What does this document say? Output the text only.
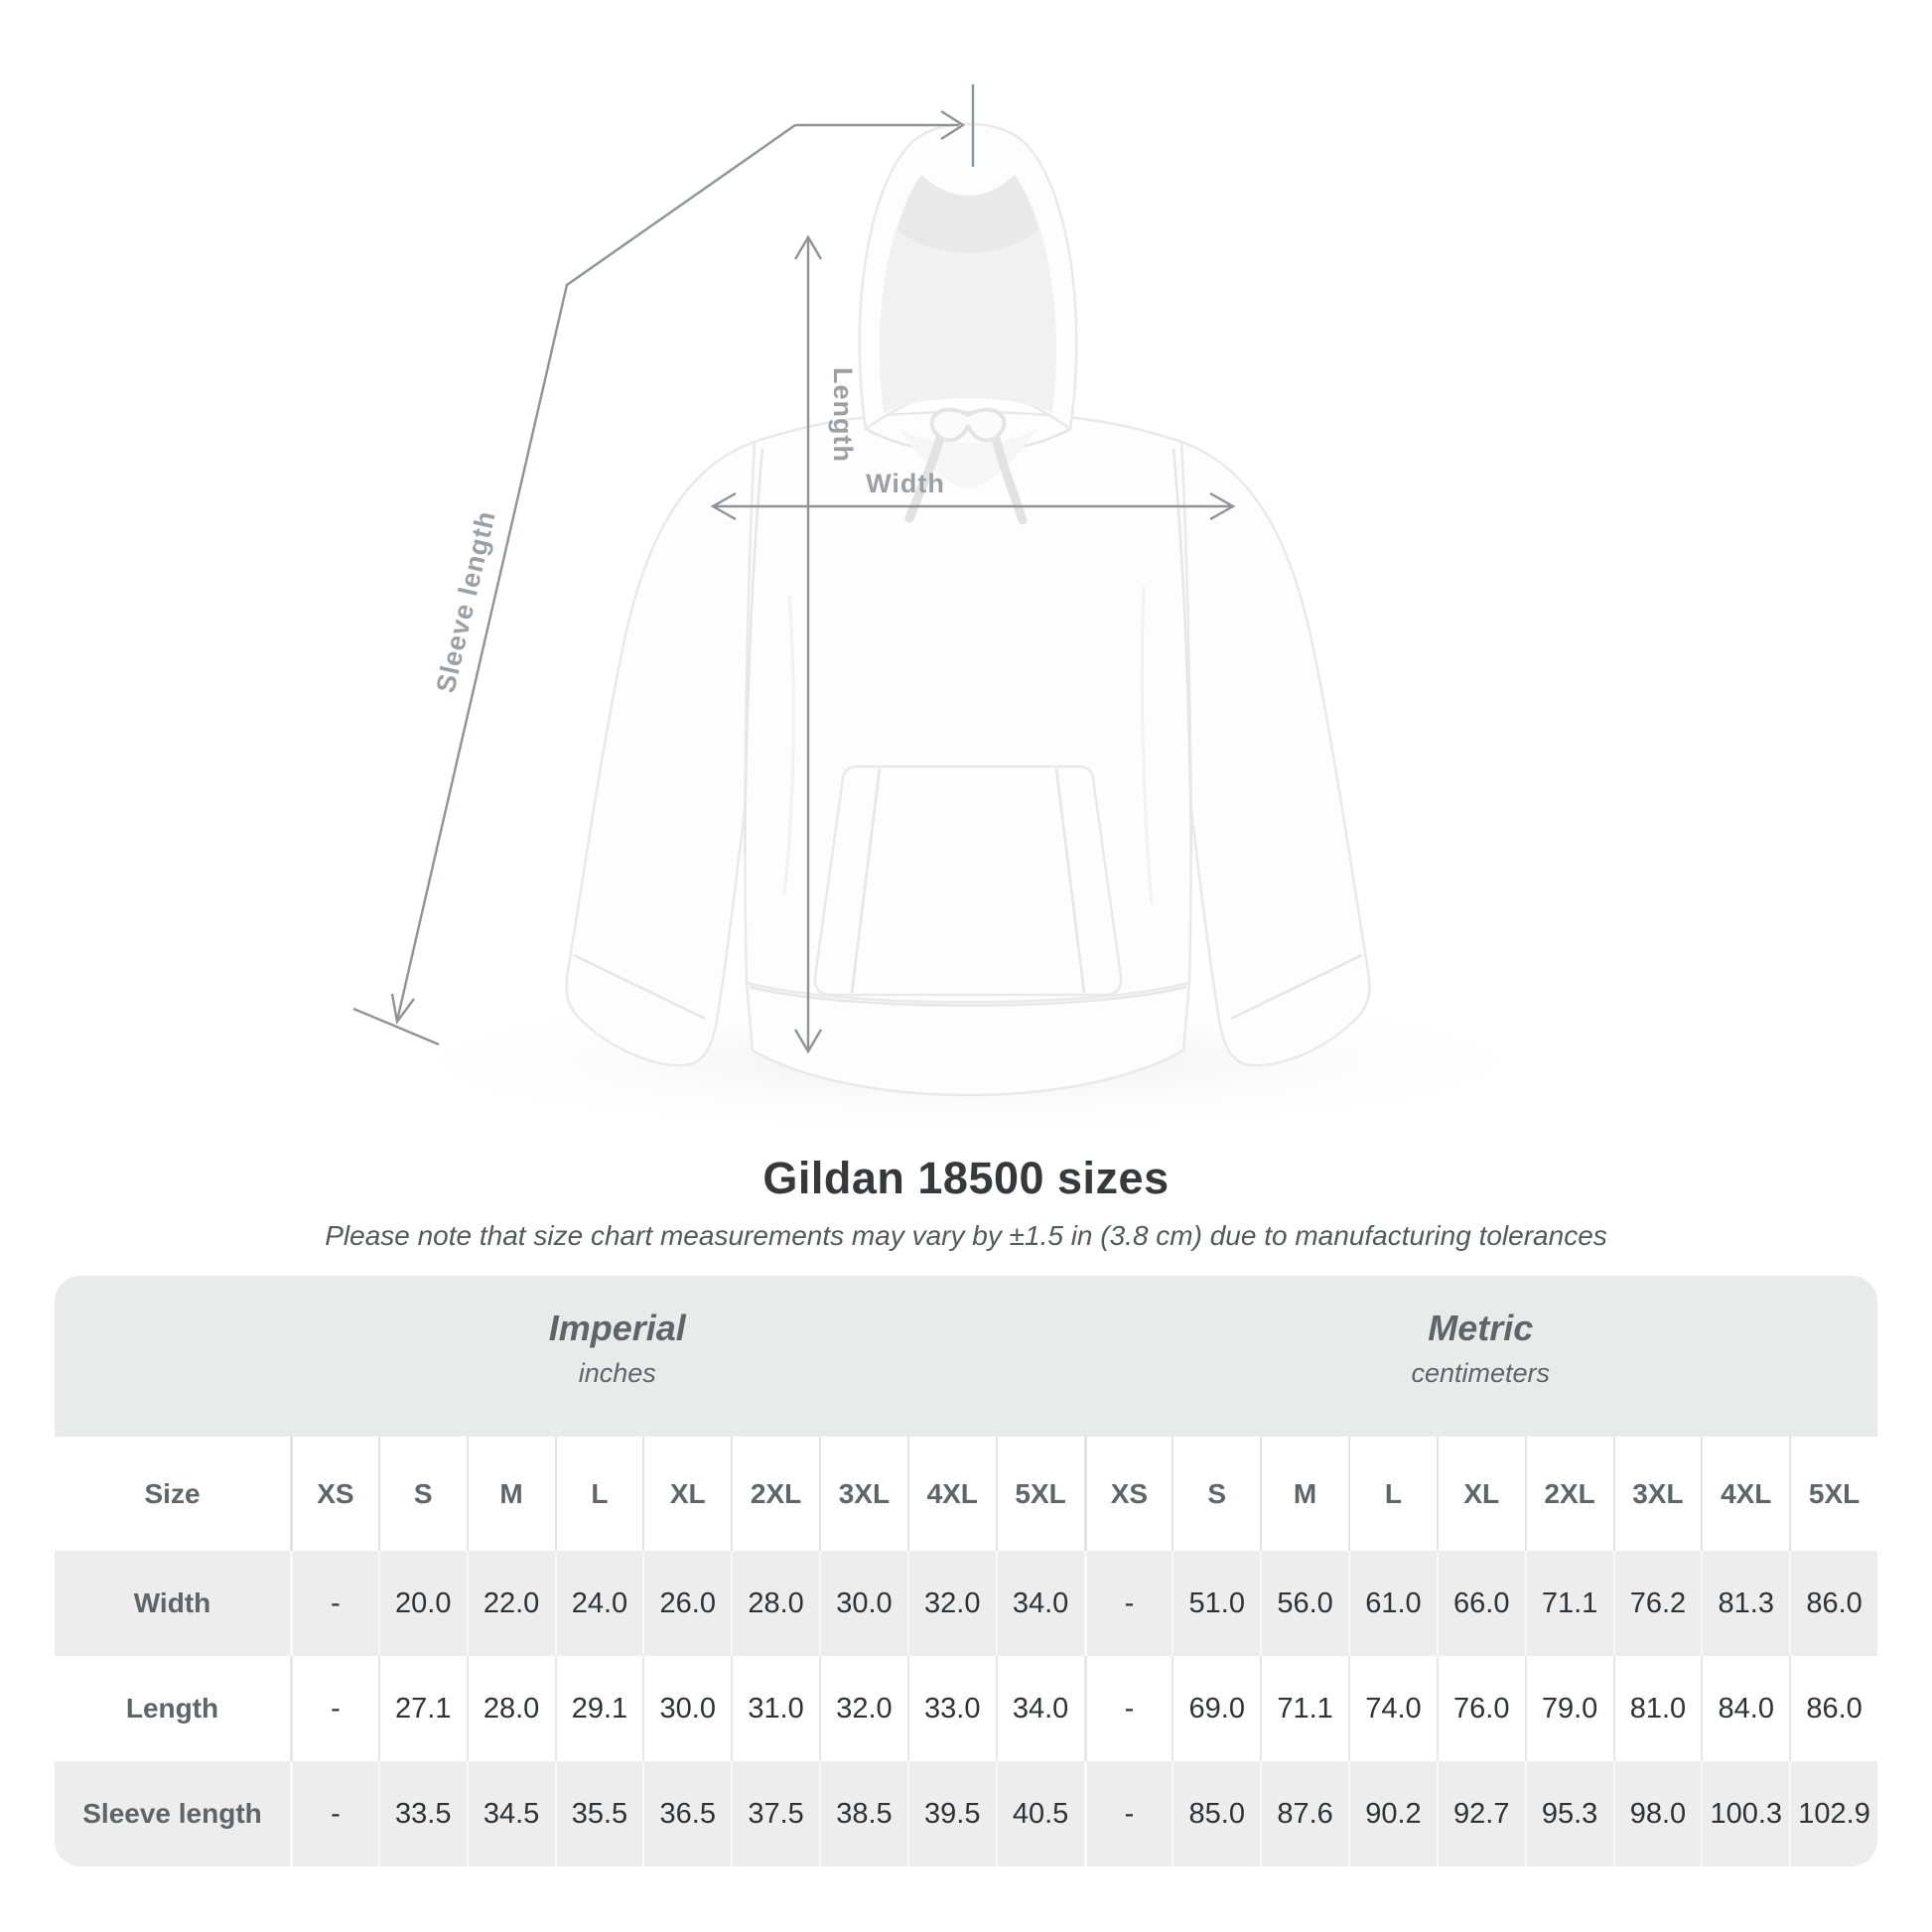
Sleeve length
Length
Width
Gildan 18500 sizes

Please note that size chart measurements may vary by ±1.5 in (3.8 cm) due to manufacturing tolerances

Imperial
inches
Metric
centimeters
Size	XS	S	M	L	XL	2XL	3XL	4XL	5XL	XS	S	M	L	XL	2XL	3XL	4XL	5XL
Width	-	20.0	22.0	24.0	26.0	28.0	30.0	32.0	34.0	-	51.0	56.0	61.0	66.0	71.1	76.2	81.3	86.0
Length	-	27.1	28.0	29.1	30.0	31.0	32.0	33.0	34.0	-	69.0	71.1	74.0	76.0	79.0	81.0	84.0	86.0
Sleeve length	-	33.5	34.5	35.5	36.5	37.5	38.5	39.5	40.5	-	85.0	87.6	90.2	92.7	95.3	98.0 100.3 102.9
